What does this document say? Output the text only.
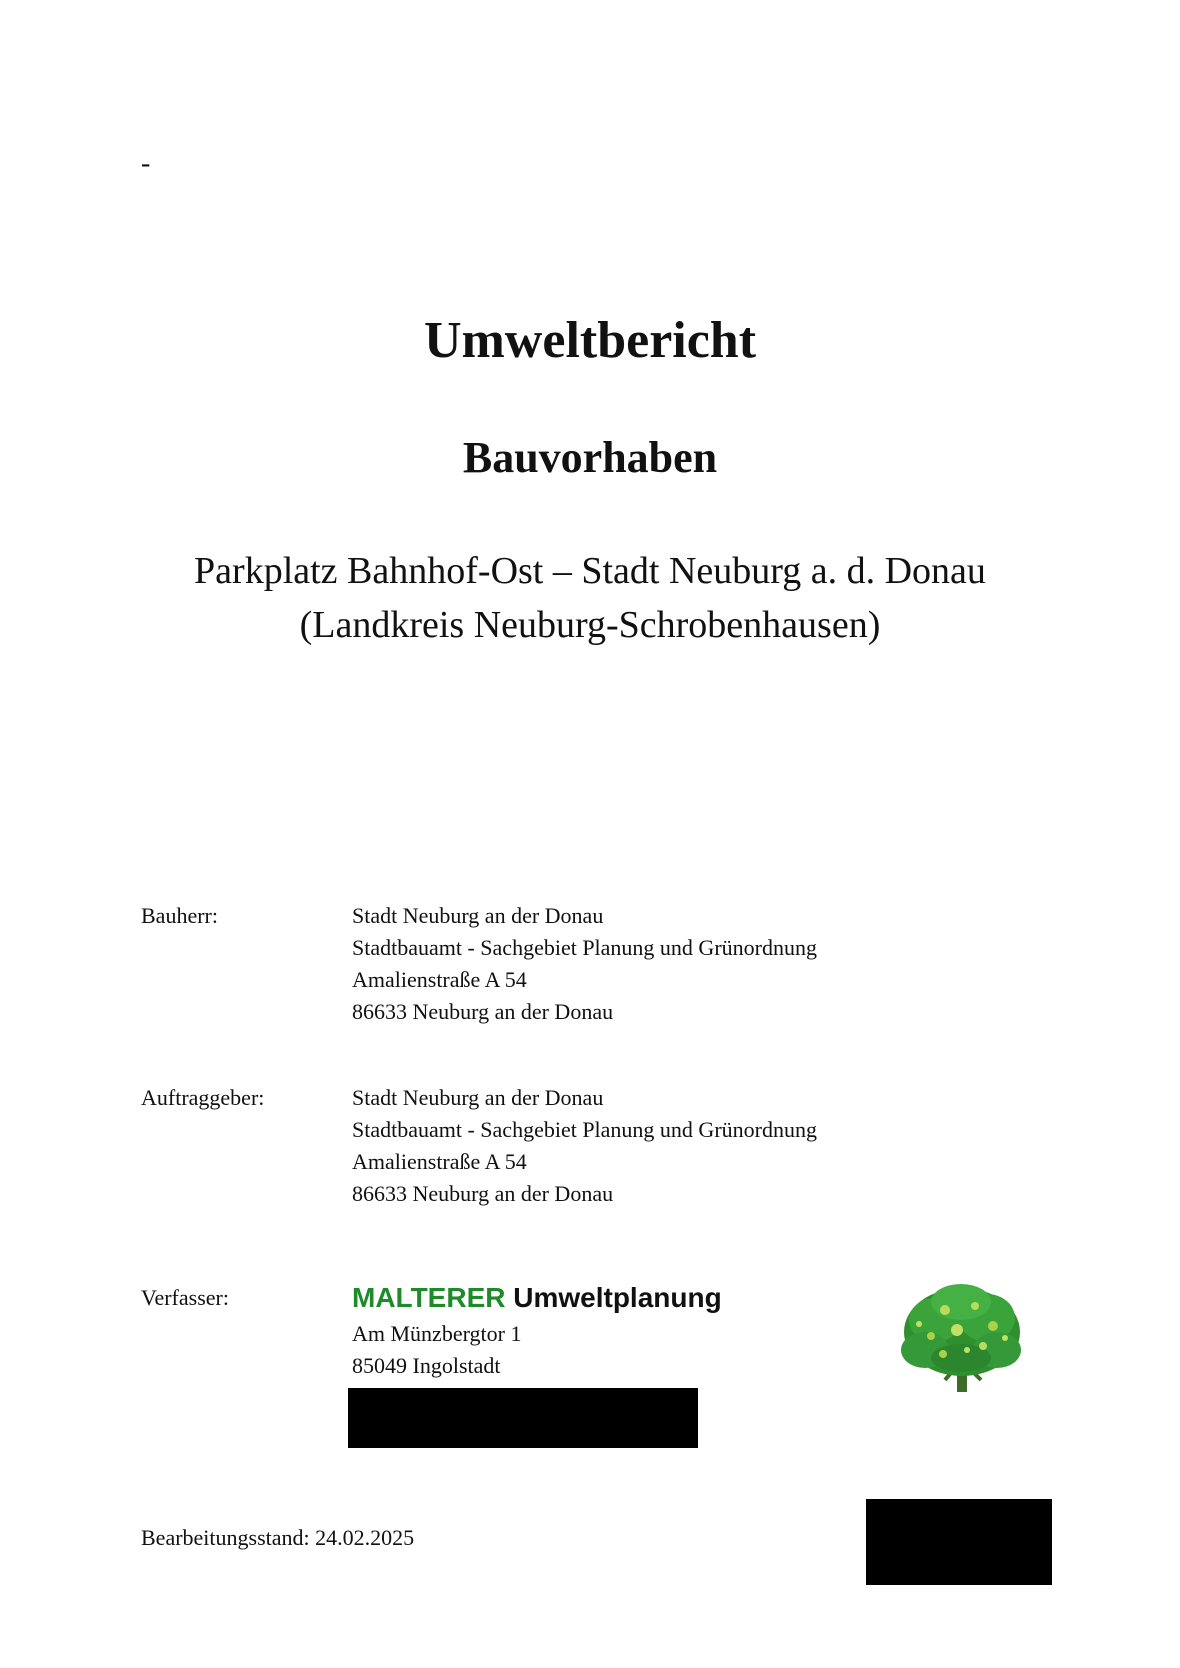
-
Umweltbericht
Bauvorhaben
Parkplatz Bahnhof-Ost – Stadt Neuburg a. d. Donau
(Landkreis Neuburg-Schrobenhausen)
Bauherr:	Stadt Neuburg an der Donau
Stadtbauamt - Sachgebiet Planung und Grünordnung
Amalienstraße A 54
86633 Neuburg an der Donau
Auftraggeber:	Stadt Neuburg an der Donau
Stadtbauamt - Sachgebiet Planung und Grünordnung
Amalienstraße A 54
86633 Neuburg an der Donau
Verfasser:	MALTERER Umweltplanung
Am Münzbergtor 1
85049 Ingolstadt
Bearbeitungsstand: 24.02.2025
